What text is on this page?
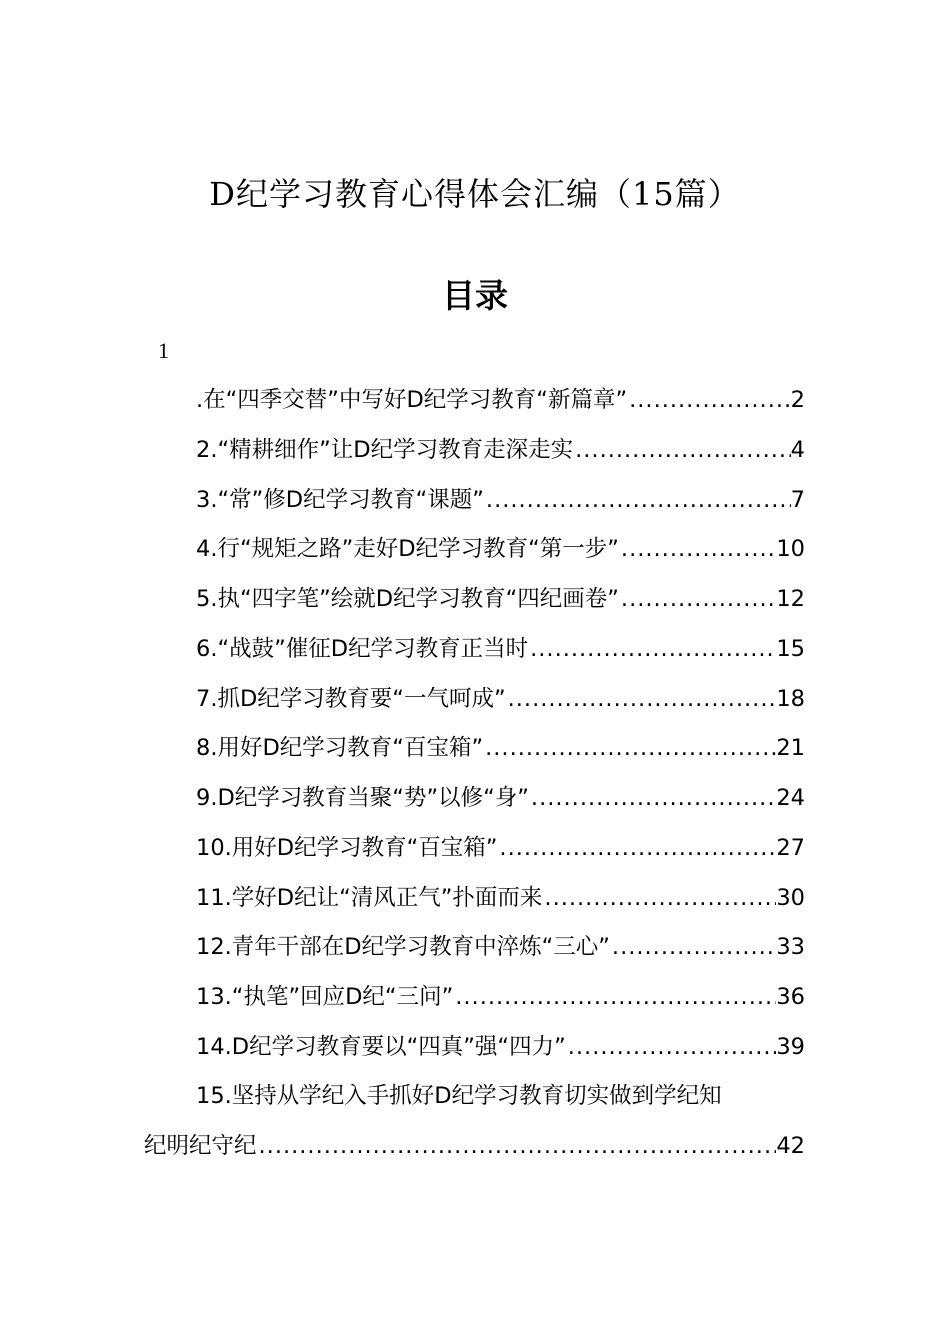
D纪学习教育心得体会汇编（15篇）
目录
1
.在“四季交替”中写好D纪学习教育“新篇章” .....	2
2.“精耕细作”让D纪学习教育走深走实 .....	4
3.“常”修D纪学习教育“课题” .....	7
4.行“规矩之路”走好D纪学习教育“第一步” .....	10
5.执“四字笔”绘就D纪学习教育“四纪画卷” .....	12
6.“战鼓”催征D纪学习教育正当时 .....	15
7.抓D纪学习教育要“一气呵成” .....	18
8.用好D纪学习教育“百宝箱” .....	21
9.D纪学习教育当聚“势”以修“身” .....	24
10.用好D纪学习教育“百宝箱” .....	27
11.学好D纪让“清风正气”扑面而来 .....	30
12.青年干部在D纪学习教育中淬炼“三心” .....	33
13.“执笔”回应D纪“三问” .....	36
14.D纪学习教育要以“四真”强“四力” .....	39
15.坚持从学纪入手抓好D纪学习教育切实做到学纪知
纪明纪守纪 .....	42
